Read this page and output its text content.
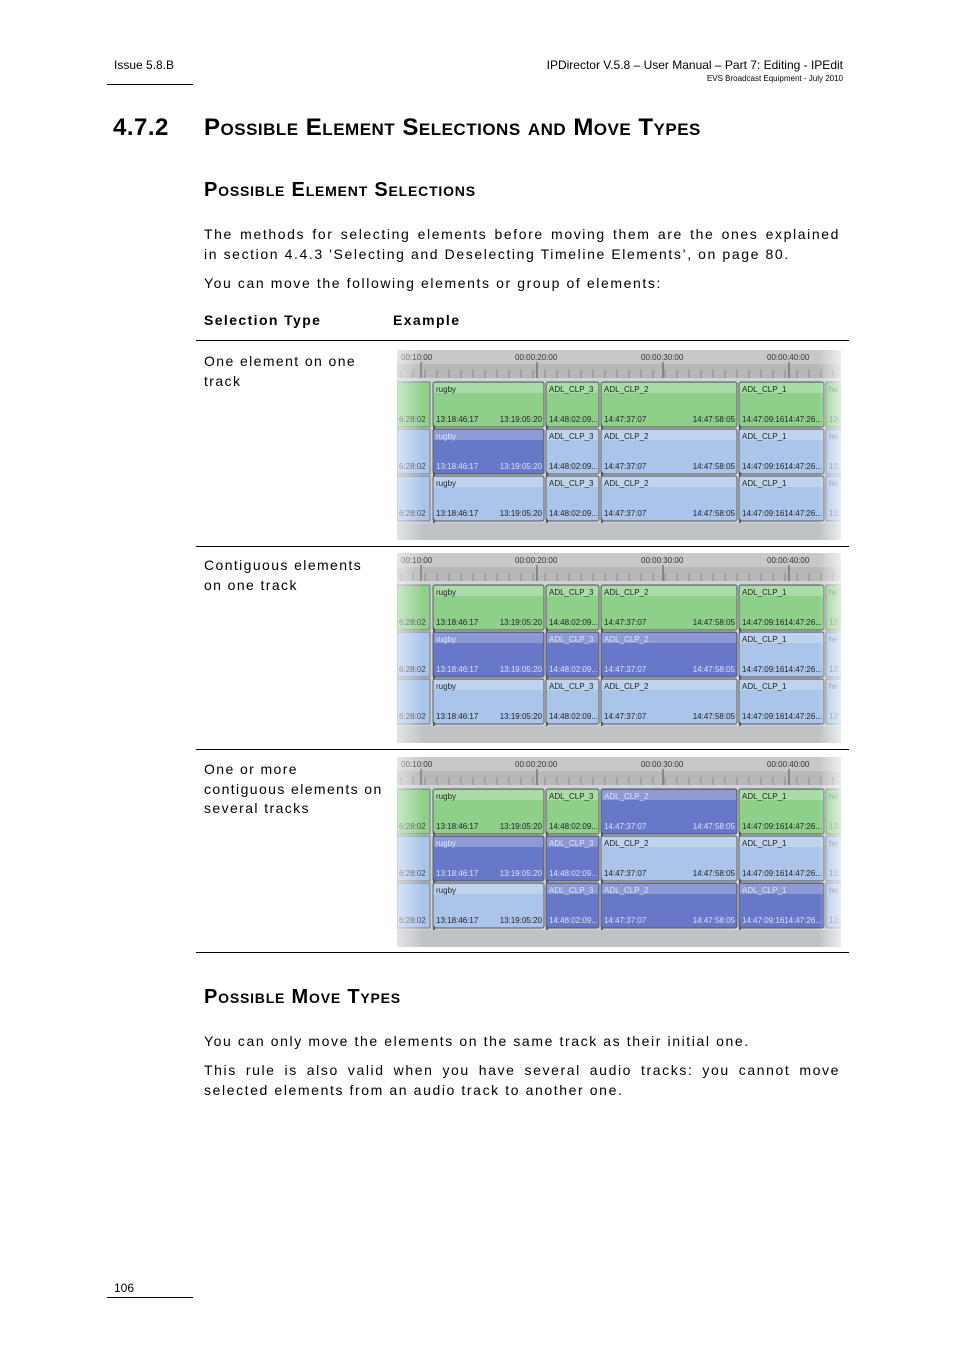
Issue 5.8.B	IPDirector V.5.8 – User Manual – Part 7: Editing - IPEdit
EVS Broadcast Equipment - July 2010
4.7.2 Possible Element Selections and Move Types
Possible Element Selections
The methods for selecting elements before moving them are the ones explained in section 4.4.3 'Selecting and Deselecting Timeline Elements’, on page 80.
You can move the following elements or group of elements:
Selection Type	Example
One element on one track
Contiguous elements on one track
One or more contiguous elements on several tracks
Possible Move Types
You can only move the elements on the same track as their initial one.
This rule is also valid when you have several audio tracks: you cannot move selected elements from an audio track to another one.
106
